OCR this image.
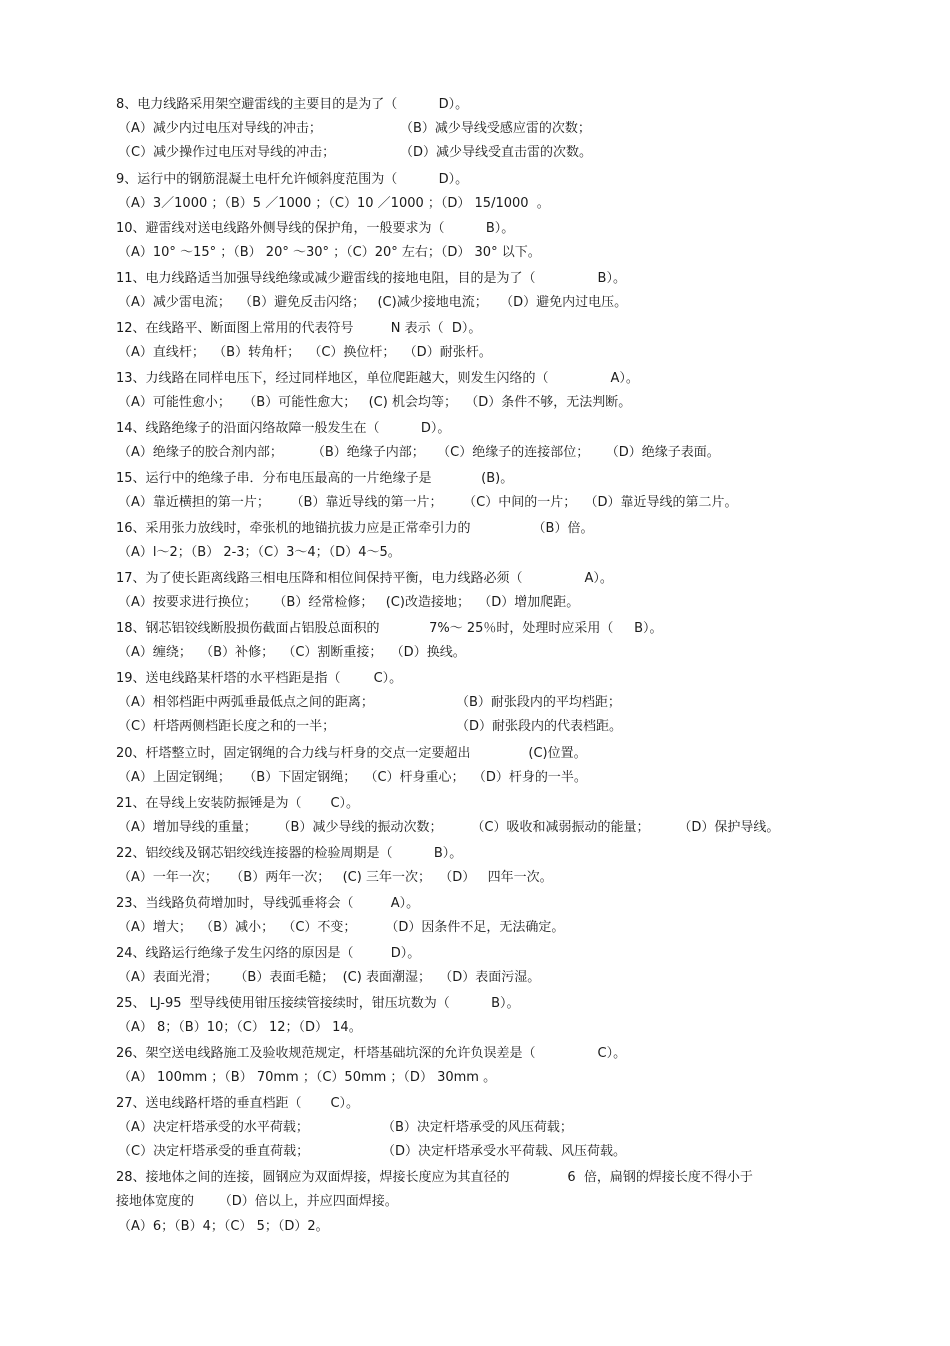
8、电力线路采用架空避雷线的主要目的是为了（          D）。
（A）减少内过电压对导线的冲击；	（B）减少导线受感应雷的次数；
（C）减少操作过电压对导线的冲击；	（D）减少导线受直击雷的次数。
9、运行中的钢筋混凝土电杆允许倾斜度范围为（          D）。
（A）3／1000 ；（B）5 ／1000 ；（C）10 ／1000 ；（D） 15/1000  。
10、避雷线对送电线路外侧导线的保护角，一般要求为（          B）。
（A）10° ～15° ；（B） 20° ～30° ；（C）20° 左右；（D） 30° 以下。
11、电力线路适当加强导线绝缘或减少避雷线的接地电阻，目的是为了（               B）。
（A）减少雷电流；  （B）避免反击闪络；   (C)减少接地电流；   （D）避免内过电压。
12、在线路平、断面图上常用的代表符号         N 表示（  D）。
（A）直线杆；  （B）转角杆；  （C）换位杆；  （D）耐张杆。
13、力线路在同样电压下，经过同样地区，单位爬距越大，则发生闪络的（               A）。
（A）可能性愈小；   （B）可能性愈大；   (C) 机会均等；  （D）条件不够，无法判断。
14、线路绝缘子的沿面闪络故障一般发生在（          D）。
（A）绝缘子的胶合剂内部；       （B）绝缘子内部；   （C）绝缘子的连接部位；    （D）绝缘子表面。
15、运行中的绝缘子串．分布电压最高的一片绝缘子是            (B)。
（A）靠近横担的第一片；     （B）靠近导线的第一片；     （C）中间的一片；  （D）靠近导线的第二片。
16、采用张力放线时，牵张机的地锚抗拔力应是正常牵引力的               （B）倍。
（A）l～2；（B） 2-3；（C）3～4；（D）4～5。
17、为了使长距离线路三相电压降和相位间保持平衡，电力线路必须（               A）。
（A）按要求进行换位；    （B）经常检修；   (C)改造接地；  （D）增加爬距。
18、钢芯铝铰线断股损伤截面占铝股总面积的            7%～ 25％时，处理时应采用（     B）。
（A）缠绕；  （B）补修；  （C）割断重接；  （D）换线。
19、送电线路某杆塔的水平档距是指（        C）。
（A）相邻档距中两弧垂最低点之间的距离；	（B）耐张段内的平均档距；
（C）杆塔两侧档距长度之和的一半；	（D）耐张段内的代表档距。
20、杆塔整立时，固定钢绳的合力线与杆身的交点一定要超出              (C)位置。
（A）上固定钢绳；   （B）下固定钢绳；  （C）杆身重心；  （D）杆身的一半。
21、在导线上安装防振锤是为（       C）。
（A）增加导线的重量；     （B）减少导线的振动次数；       （C）吸收和减弱振动的能量；       （D）保护导线。
22、铝绞线及钢芯铝绞线连接器的检验周期是（          B）。
（A）一年一次；   （B）两年一次；   (C) 三年一次；  （D）   四年一次。
23、当线路负荷增加时，导线弧垂将会（         A）。
（A）增大；  （B）减小；  （C）不变；       （D）因条件不足，无法确定。
24、线路运行绝缘子发生闪络的原因是（         D）。
（A）表面光滑；    （B）表面毛糙；  (C) 表面潮湿；  （D）表面污湿。
25、 LJ-95  型导线使用钳压接续管接续时，钳压坑数为（          B）。
（A） 8；（B）10；（C） 12；（D） 14。
26、架空送电线路施工及验收规范规定，杆塔基础坑深的允许负误差是（               C）。
（A） 100mm ；（B） 70mm ；（C）50mm ；（D） 30mm 。
27、送电线路杆塔的垂直档距（       C）。
（A）决定杆塔承受的水平荷载；	（B）决定杆塔承受的风压荷载；
（C）决定杆塔承受的垂直荷载；	（D）决定杆塔承受水平荷载、风压荷载。
28、接地体之间的连接，圆钢应为双面焊接，焊接长度应为其直径的              6  倍，扁钢的焊接长度不得小于
接地体宽度的      （D）倍以上，并应四面焊接。
（A）6；（B）4；（C） 5；（D）2。
